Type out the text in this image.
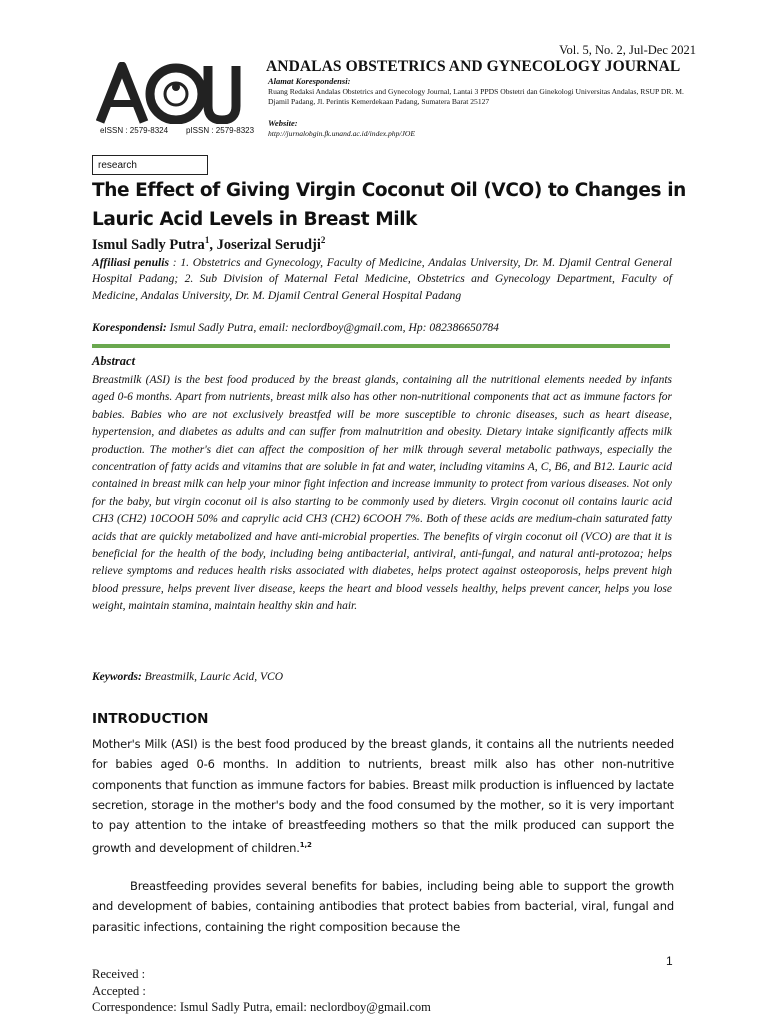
Vol. 5, No. 2, Jul-Dec 2021
eISSN : 2579-8324 pISSN : 2579-8323
ANDALAS OBSTETRICS AND GYNECOLOGY JOURNAL
Alamat Korespondensi:
Ruang Redaksi Andalas Obstetrics and Gynecology Journal, Lantai 3 PPDS Obstetri dan Ginekologi Universitas Andalas, RSUP DR. M. Djamil Padang, Jl. Perintis Kemerdekaan Padang, Sumatera Barat 25127
Website:
http://jurnalobgin.fk.unand.ac.id/index.php/JOE
research
The Effect of Giving Virgin Coconut Oil (VCO) to Changes in Lauric Acid Levels in Breast Milk
Ismul Sadly Putra$^1$, Joserizal Serudji$^2$
Affiliasi penulis : 1. Obstetrics and Gynecology, Faculty of Medicine, Andalas University, Dr. M. Djamil Central General Hospital Padang; 2. Sub Division of Maternal Fetal Medicine, Obstetrics and Gynecology Department, Faculty of Medicine, Andalas University, Dr. M. Djamil Central General Hospital Padang
Korespondensi: Ismul Sadly Putra, email: neclordboy@gmail.com, Hp: 082386650784
Abstract
Breastmilk (ASI) is the best food produced by the breast glands, containing all the nutritional elements needed by infants aged 0-6 months. Apart from nutrients, breast milk also has other non-nutritional components that act as immune factors for babies. Babies who are not exclusively breastfed will be more susceptible to chronic diseases, such as heart disease, hypertension, and diabetes as adults and can suffer from malnutrition and obesity. Dietary intake significantly affects milk production. The mother's diet can affect the composition of her milk through several metabolic pathways, especially the concentration of fatty acids and vitamins that are soluble in fat and water, including vitamins A, C, B6, and B12. Lauric acid contained in breast milk can help your minor fight infection and increase immunity to protect from various diseases. Not only for the baby, but virgin coconut oil is also starting to be commonly used by dieters. Virgin coconut oil contains lauric acid CH3 (CH2) 10COOH 50% and caprylic acid CH3 (CH2) 6COOH 7%. Both of these acids are medium-chain saturated fatty acids that are quickly metabolized and have anti-microbial properties. The benefits of virgin coconut oil (VCO) are that it is beneficial for the health of the body, including being antibacterial, antiviral, anti-fungal, and natural anti-protozoa; helps relieve symptoms and reduces health risks associated with diabetes, helps protect against osteoporosis, helps prevent high blood pressure, helps prevent liver disease, keeps the heart and blood vessels healthy, helps prevent cancer, helps you lose weight, maintain stamina, maintain healthy skin and hair.
Keywords: Breastmilk, Lauric Acid, VCO
INTRODUCTION
Mother's Milk (ASI) is the best food produced by the breast glands, it contains all the nutrients needed for babies aged 0-6 months. In addition to nutrients, breast milk also has other non-nutritive components that function as immune factors for babies. Breast milk production is influenced by lactate secretion, storage in the mother's body and the food consumed by the mother, so it is very important to pay attention to the intake of breastfeeding mothers so that the milk produced can support the growth and development of children.$^{1,2}$
Breastfeeding provides several benefits for babies, including being able to support the growth and development of babies, containing antibodies that protect babies from bacterial, viral, fungal and parasitic infections, containing the right composition because the
1
Received :
Accepted :
Correspondence: Ismul Sadly Putra, email: neclordboy@gmail.com
